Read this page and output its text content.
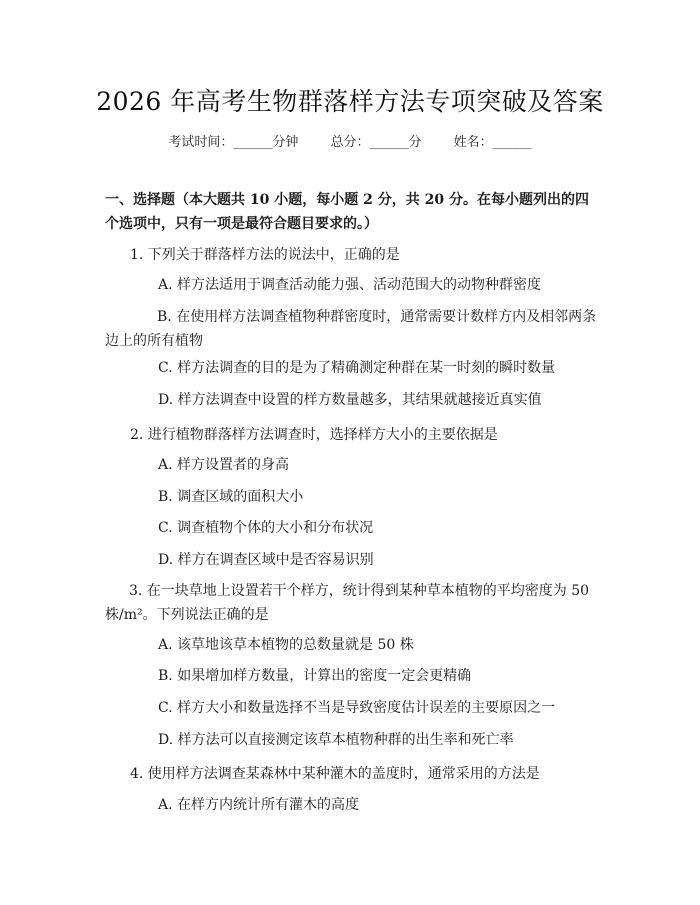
2026 年高考生物群落样方法专项突破及答案
考试时间：______分钟 总分：______分 姓名：______
一、选择题（本大题共 10 小题，每小题 2 分，共 20 分。在每小题列出的四个选项中，只有一项是最符合题目要求的。）
1. 下列关于群落样方法的说法中，正确的是
A. 样方法适用于调查活动能力强、活动范围大的动物种群密度
B. 在使用样方法调查植物种群密度时，通常需要计数样方内及相邻两条边上的所有植物
C. 样方法调查的目的是为了精确测定种群在某一时刻的瞬时数量
D. 样方法调查中设置的样方数量越多，其结果就越接近真实值
2. 进行植物群落样方法调查时，选择样方大小的主要依据是
A. 样方设置者的身高
B. 调查区域的面积大小
C. 调查植物个体的大小和分布状况
D. 样方在调查区域中是否容易识别
3. 在一块草地上设置若干个样方，统计得到某种草本植物的平均密度为 50 株/m²。下列说法正确的是
A. 该草地该草本植物的总数量就是 50 株
B. 如果增加样方数量，计算出的密度一定会更精确
C. 样方大小和数量选择不当是导致密度估计误差的主要原因之一
D. 样方法可以直接测定该草本植物种群的出生率和死亡率
4. 使用样方法调查某森林中某种灌木的盖度时，通常采用的方法是
A. 在样方内统计所有灌木的高度
